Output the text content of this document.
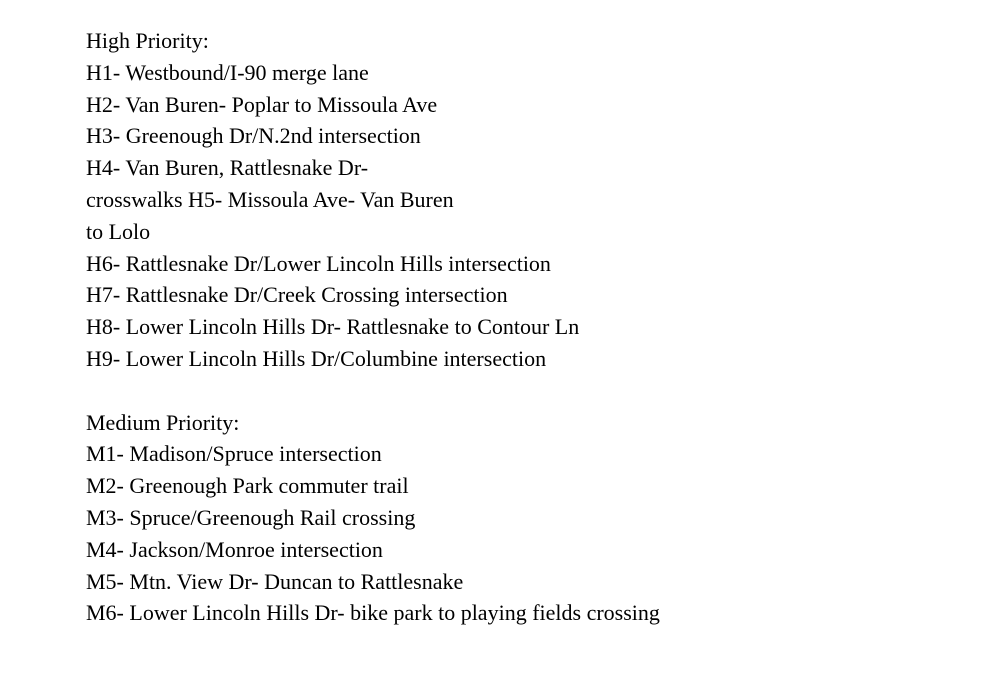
High Priority:

H1- Westbound/I-90 merge lane

H2- Van Buren- Poplar to Missoula Ave

H3- Greenough Dr/N.2nd intersection

H4- Van Buren, Rattlesnake Dr-

crosswalks H5- Missoula Ave- Van Buren

to Lolo

H6- Rattlesnake Dr/Lower Lincoln Hills intersection

H7- Rattlesnake Dr/Creek Crossing intersection

H8- Lower Lincoln Hills Dr- Rattlesnake to Contour Ln

H9- Lower Lincoln Hills Dr/Columbine intersection

Medium Priority:

M1- Madison/Spruce intersection

M2- Greenough Park commuter trail

M3- Spruce/Greenough Rail crossing

M4- Jackson/Monroe intersection

M5- Mtn. View Dr- Duncan to Rattlesnake

M6- Lower Lincoln Hills Dr- bike park to playing fields crossing
